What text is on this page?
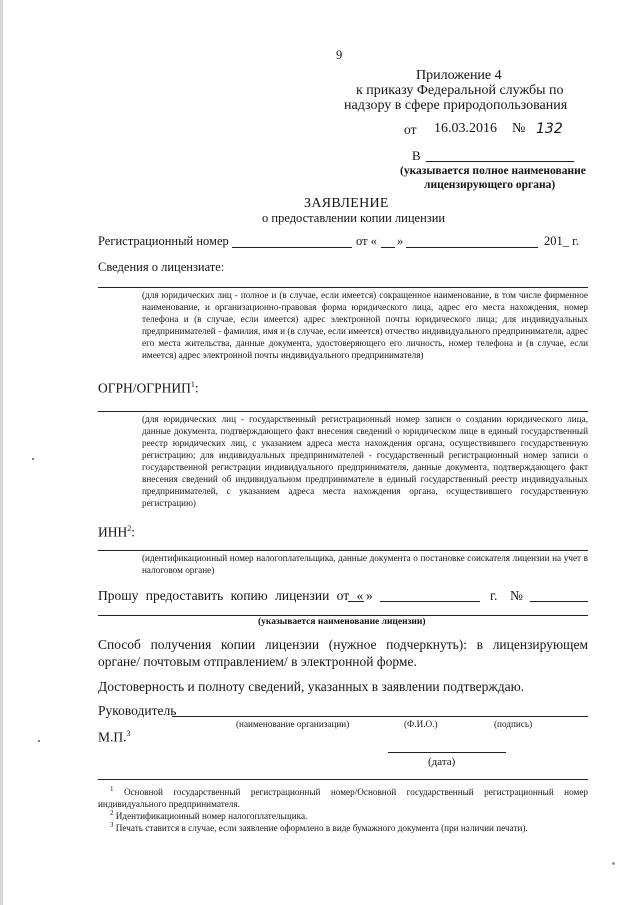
9
Приложение 4
к приказу Федеральной службы по
надзору в сфере природопользования
от 16.03.2016 № 132
В
(указывается полное наименование
лицензирующего органа)
ЗАЯВЛЕНИЕ
о предоставлении копии лицензии
Регистрационный номер	от « »	201_ г.
Сведения о лицензиате:
(для юридических лиц - полное и (в случае, если имеется) сокращенное наименование, в том числе фирменное наименование, и организационно-правовая форма юридического лица, адрес его места нахождения, номер телефона и (в случае, если имеется) адрес электронной почты юридического лица; для индивидуальных предпринимателей - фамилия, имя и (в случае, если имеется) отчество индивидуального предпринимателя, адрес его места жительства, данные документа, удостоверяющего его личность, номер телефона и (в случае, если имеется) адрес электронной почты индивидуального предпринимателя)
ОГРН/ОГРНИП$^1$:
(для юридических лиц - государственный регистрационный номер записи о создании юридического лица, данные документа, подтверждающего факт внесения сведений о юридическом лице в единый государственный реестр юридических лиц, с указанием адреса места нахождения органа, осуществившего государственную регистрацию; для индивидуальных предпринимателей - государственный регистрационный номер записи о государственной регистрации индивидуального предпринимателя, данные документа, подтверждающего факт внесения сведений об индивидуальном предпринимателе в единый государственный реестр индивидуальных предпринимателей, с указанием адреса места нахождения органа, осуществившего государственную регистрацию)
ИНН$^2$:
(идентификационный номер налогоплательщика, данные документа о постановке соискателя лицензии на учет в налоговом органе)
Прошу предоставить копию лицензии от « »	г. №
(указывается наименование лицензии)
Способ получения копии лицензии (нужное подчеркнуть): в лицензирующем органе/ почтовым отправлением/ в электронной форме.
Достоверность и полноту сведений, указанных в заявлении подтверждаю.
Руководитель
(наименование организации)	(Ф.И.О.)	(подпись)
М.П.$^3$
(дата)
$^1$ Основной государственный регистрационный номер/Основной государственный регистрационный номер индивидуального предпринимателя.
$^2$ Идентификационный номер налогоплательщика.
$^3$ Печать ставится в случае, если заявление оформлено в виде бумажного документа (при наличии печати).
